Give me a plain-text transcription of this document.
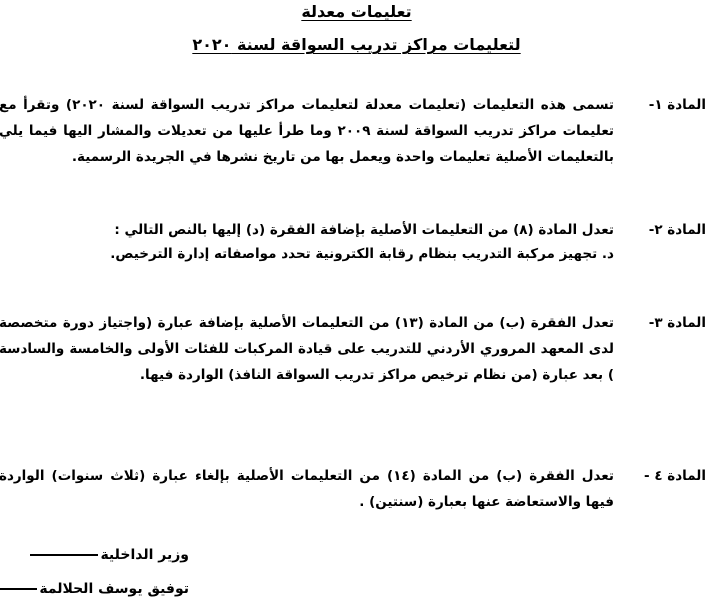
تعليمات معدلة
لتعليمات مراكز تدريب السواقة لسنة ٢٠٢٠
المادة ١-

تسمى هذه التعليمات (تعليمات معدلة لتعليمات مراكز تدريب السواقة لسنة ٢٠٢٠) وتقرأ مع تعليمات مراكز تدريب السواقة لسنة ٢٠٠٩ وما طرأ عليها من تعديلات والمشار اليها فيما يلي بالتعليمات الأصلية تعليمات واحدة ويعمل بها من تاريخ نشرها في الجريدة الرسمية.

المادة ٢-

تعدل المادة (٨) من التعليمات الأصلية بإضافة الفقرة (د) إليها بالنص التالي :

د. تجهيز مركبة التدريب بنظام رقابة الكترونية تحدد مواصفاته إدارة الترخيص.

المادة ٣-

تعدل الفقرة (ب) من المادة (١٣) من التعليمات الأصلية بإضافة عبارة (واجتياز دورة متخصصة لدى المعهد المروري الأردني للتدريب على قيادة المركبات للفئات الأولى والخامسة والسادسة ) بعد عبارة (من نظام ترخيص مراكز تدريب السواقة النافذ) الواردة فيها.

المادة ٤ -

تعدل الفقرة (ب) من المادة (١٤) من التعليمات الأصلية بإلغاء عبارة (ثلاث سنوات) الواردة فيها والاستعاضة عنها بعبارة (سنتين) .

وزير الداخلية
توفيق يوسف الحلالمة
